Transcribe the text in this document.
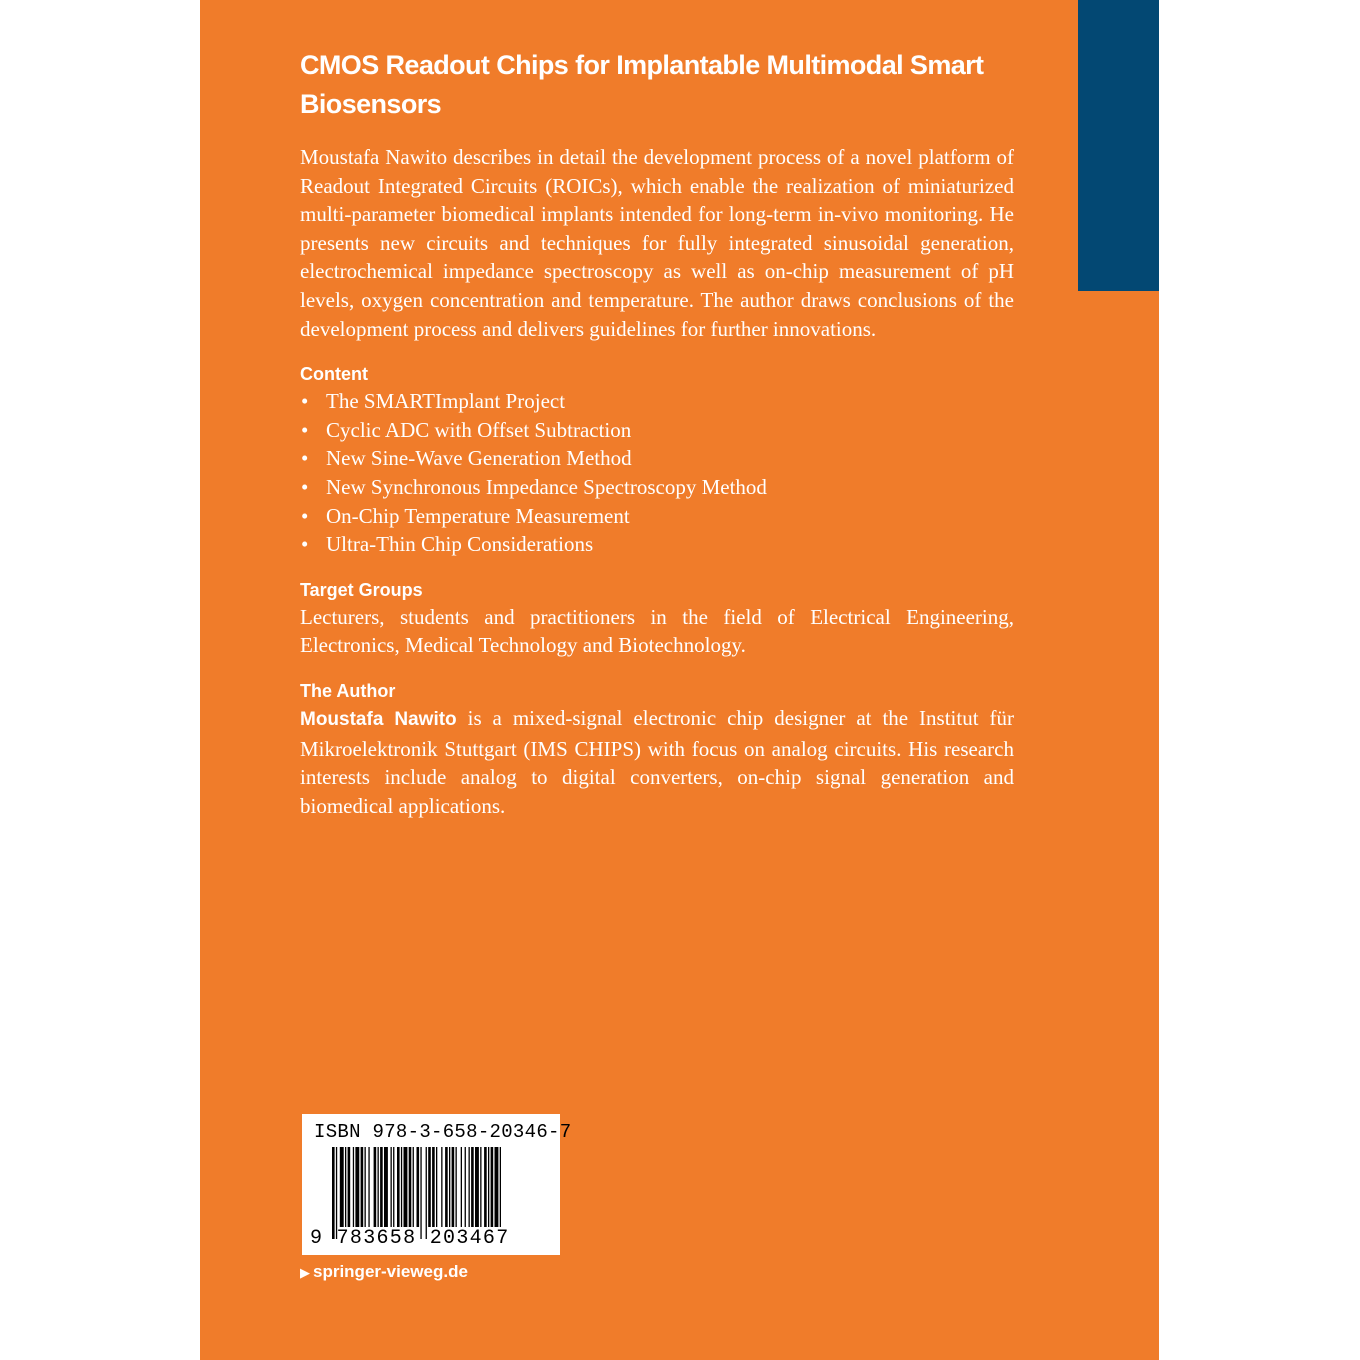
CMOS Readout Chips for Implantable Multimodal Smart Biosensors

Moustafa Nawito describes in detail the development process of a novel platform of Readout Integrated Circuits (ROICs), which enable the realization of miniaturized multi-parameter biomedical implants intended for long-term in-vivo monitoring. He presents new circuits and techniques for fully integrated sinusoidal generation, electrochemical impedance spectroscopy as well as on-chip measurement of pH levels, oxygen concentration and temperature. The author draws conclusions of the development process and delivers guidelines for further innovations.

Content
• The SMARTImplant Project
• Cyclic ADC with Offset Subtraction
• New Sine-Wave Generation Method
• New Synchronous Impedance Spectroscopy Method
• On-Chip Temperature Measurement
• Ultra-Thin Chip Considerations
Target Groups

Lecturers, students and practitioners in the field of Electrical Engineering, Electronics, Medical Technology and Biotechnology.

The Author

Moustafa Nawito is a mixed-signal electronic chip designer at the Institut für Mikroelektronik Stuttgart (IMS CHIPS) with focus on analog circuits. His research interests include analog to digital converters, on-chip signal generation and biomedical applications.

ISBN 978-3-658-20346-7
9 783658 203467
▶ springer-vieweg.de
